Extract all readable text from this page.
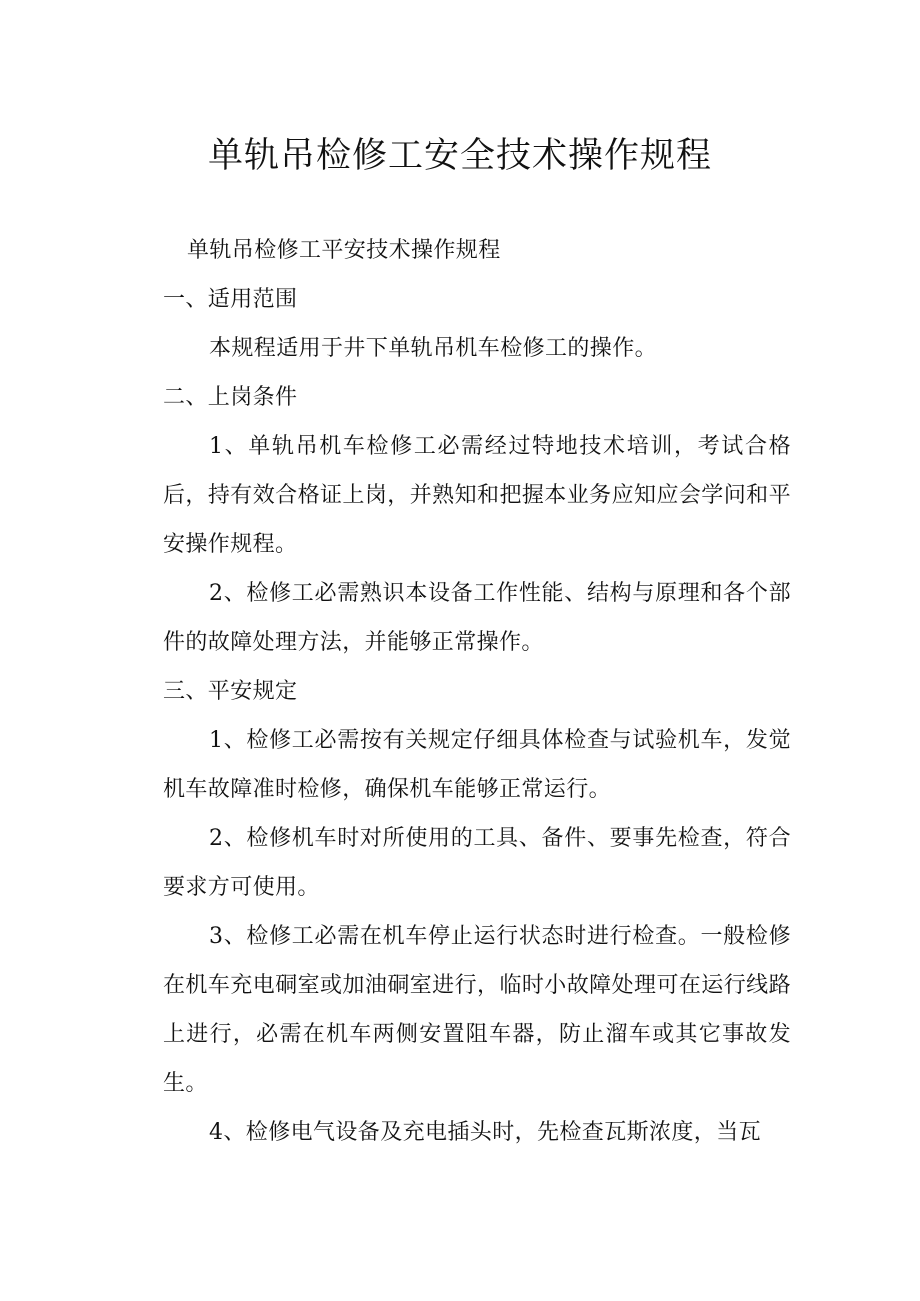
单轨吊检修工安全技术操作规程

单轨吊检修工平安技术操作规程

一、适用范围

本规程适用于井下单轨吊机车检修工的操作。

二、上岗条件

1、单轨吊机车检修工必需经过特地技术培训，考试合格后，持有效合格证上岗，并熟知和把握本业务应知应会学问和平安操作规程。

2、检修工必需熟识本设备工作性能、结构与原理和各个部件的故障处理方法，并能够正常操作。

三、平安规定

1、检修工必需按有关规定仔细具体检查与试验机车，发觉机车故障准时检修，确保机车能够正常运行。

2、检修机车时对所使用的工具、备件、要事先检查，符合要求方可使用。

3、检修工必需在机车停止运行状态时进行检查。一般检修在机车充电硐室或加油硐室进行，临时小故障处理可在运行线路上进行，必需在机车两侧安置阻车器，防止溜车或其它事故发生。

4、检修电气设备及充电插头时，先检查瓦斯浓度，当瓦
